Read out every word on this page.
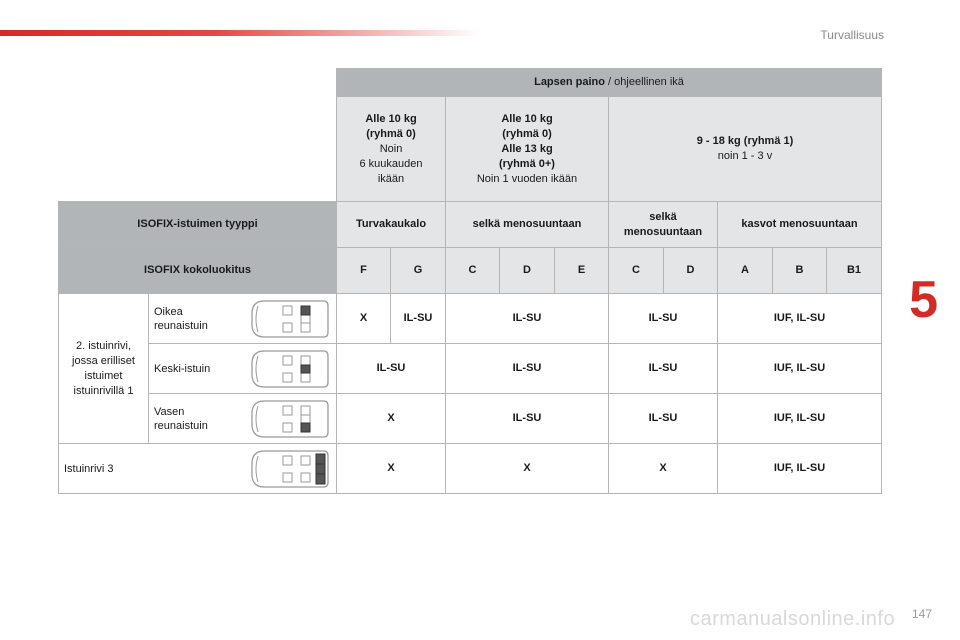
Turvallisuus
5
carmanualsonline.info 147
		Lapsen paino / ohjeellinen ikä									
		Alle 10 kg
(ryhmä 0)
Noin
6 kuukauden
ikään		Alle 10 kg
(ryhmä 0)
Alle 13 kg
(ryhmä 0+)
Noin 1 vuoden ikään			9 - 18 kg (ryhmä 1)
noin 1 - 3 v				
ISOFIX-istuimen tyyppi		Turvakaukalo		selkä menosuuntaan			selkä menosuuntaan		kasvot menosuuntaan		
ISOFIX kokoluokitus		F	G	C	D	E	C	D	A	B	B1

2. istuinrivi, jossa erilliset istuimet istuinrivillä 1	Oikea reunaistuin	X	IL-SU	IL-SU			IL-SU		IUF, IL-SU		

	Keski-istuin	IL-SU		IL-SU			IL-SU		IUF, IL-SU		

	Vasen reunaistuin	X		IL-SU			IL-SU		IUF, IL-SU		

Istuinrivi 3		X		X			X		IUF, IL-SU		
